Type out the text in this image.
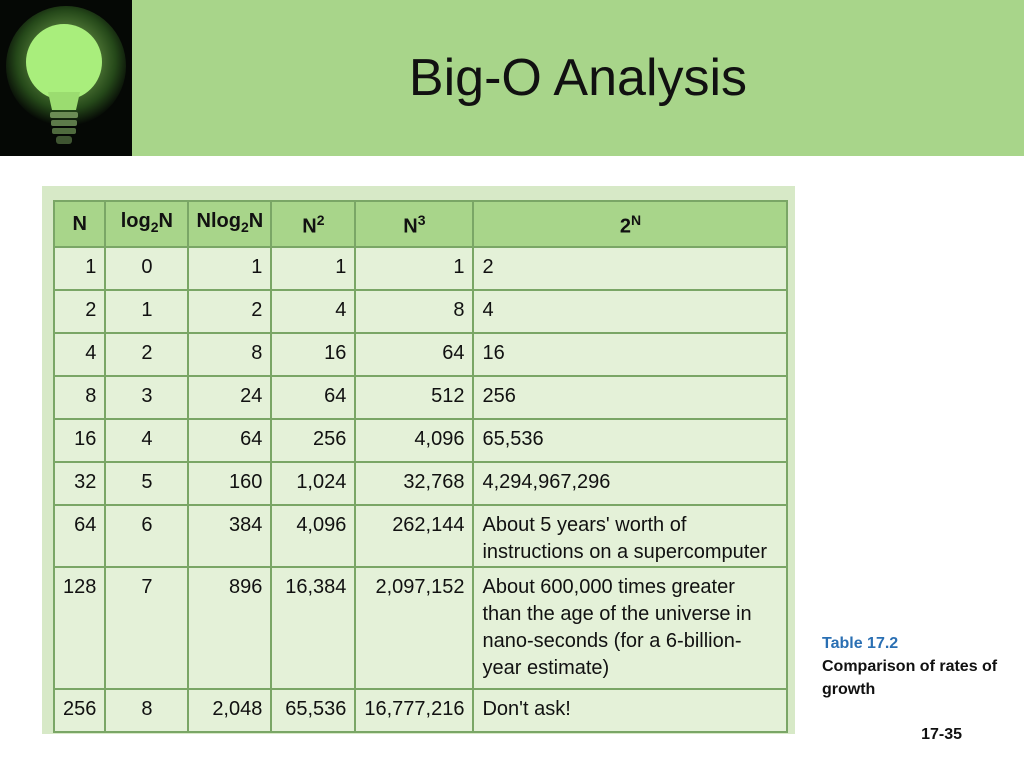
Big-O Analysis
N	$\log_2N$	Nlog$_2$N	$N^2$	$N^3$	$2^N$
1	0	1	1	1	2
2	1	2	4	8	4
4	2	8	16	64	16
8	3	24	64	512	256
16	4	64	256	4,096	65,536
32	5	160	1,024	32,768	4,294,967,296
64	6	384	4,096	262,144	About 5 years' worth of instructions on a supercomputer
128	7	896	16,384	2,097,152	About 600,000 times greater than the age of the universe in nano-seconds (for a 6-billion-year estimate)
256	8	2,048	65,536	16,777,216	Don't ask!
Table 17.2
Comparison of rates of growth
17-35
